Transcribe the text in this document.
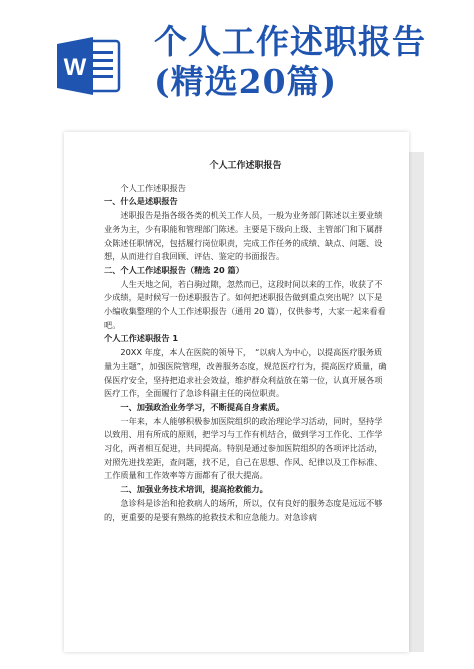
W
个人工作述职报告
(精选20篇)
个人工作述职报告

个人工作述职报告

一、什么是述职报告

述职报告是指各级各类的机关工作人员，一般为业务部门陈述以主要业绩业务为主，少有职能和管理部门陈述。主要是下级向上级、主管部门和下属群众陈述任职情况，包括履行岗位职责，完成工作任务的成绩、缺点、问题、设想，从而进行自我回顾、评估、鉴定的书面报告。

二、个人工作述职报告（精选 20 篇）

人生天地之间，若白驹过隙，忽然而已，这段时间以来的工作，收获了不少成绩，是时候写一份述职报告了。如何把述职报告做到重点突出呢？以下是小编收集整理的个人工作述职报告（通用 20 篇），仅供参考，大家一起来看看吧。

个人工作述职报告 1

20XX 年度，本人在医院的领导下，　“以病人为中心，以提高医疗服务质量为主题”，加强医院管理，改善服务态度，规范医疗行为，提高医疗质量，确保医疗安全，坚持把追求社会效益，维护群众利益放在第一位，认真开展各项医疗工作，全面履行了急诊科副主任的岗位职责。

一、加强政治业务学习，不断提高自身素质。

一年来，本人能够积极参加医院组织的政治理论学习活动，同时，坚持学以致用、用有所成的原则，把学习与工作有机结合，做到学习工作化、工作学习化，两者相互促进，共同提高。特别是通过参加医院组织的各项评比活动，对照先进找差距，查问题，找不足，自己在思想、作风、纪律以及工作标准、工作质量和工作效率等方面都有了很大提高。

二、加强业务技术培训，提高抢救能力。

急诊科是诊治和抢救病人的场所，所以，仅有良好的服务态度是远远不够的，更重要的是要有熟练的抢救技术和应急能力。对急诊病
